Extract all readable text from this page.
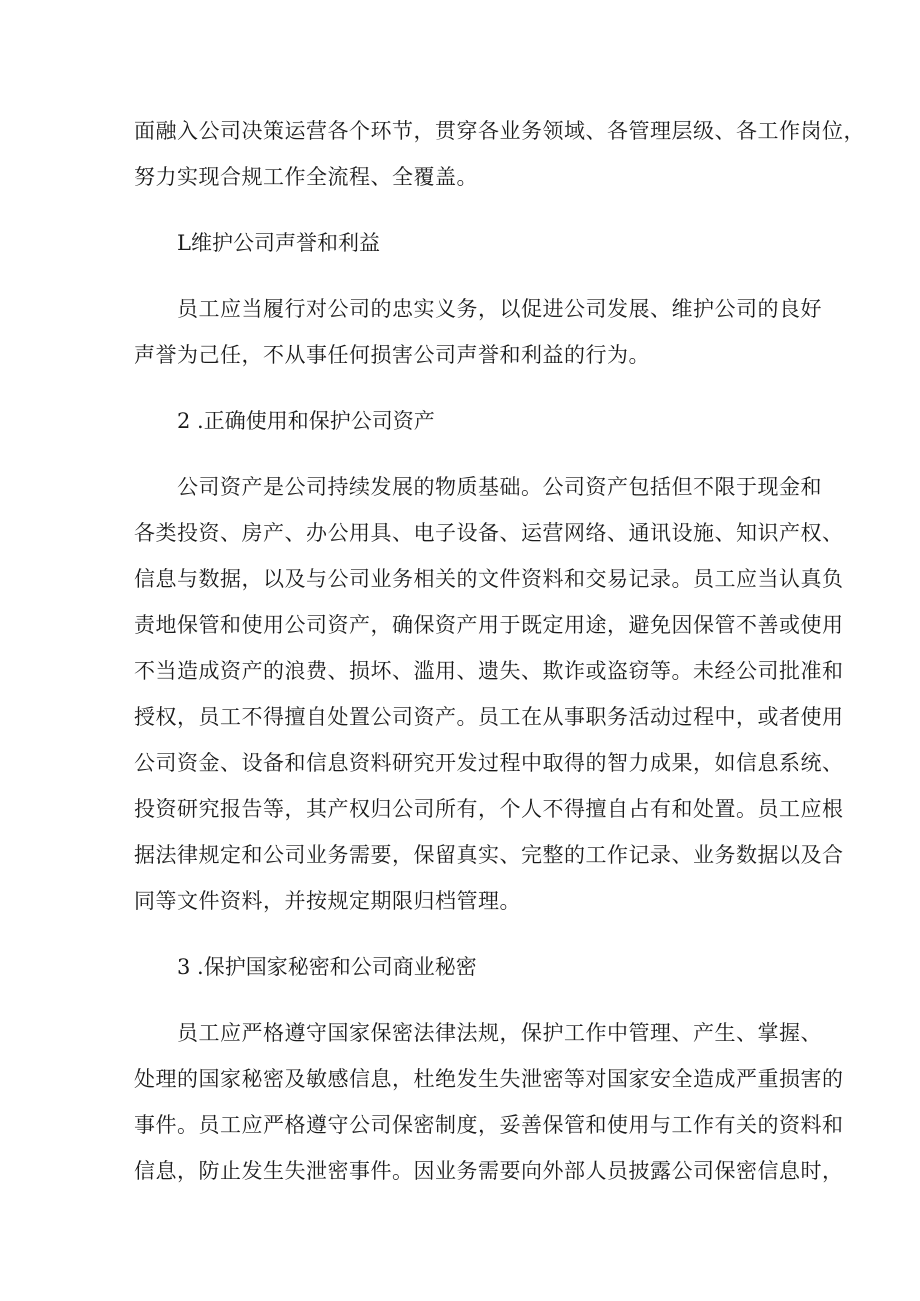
面融入公司决策运营各个环节，贯穿各业务领域、各管理层级、各工作岗位，
努力实现合规工作全流程、全覆盖。
L维护公司声誉和利益
员工应当履行对公司的忠实义务，以促进公司发展、维护公司的良好
声誉为己任，不从事任何损害公司声誉和利益的行为。
2 .正确使用和保护公司资产
公司资产是公司持续发展的物质基础。公司资产包括但不限于现金和
各类投资、房产、办公用具、电子设备、运营网络、通讯设施、知识产权、
信息与数据，以及与公司业务相关的文件资料和交易记录。员工应当认真负
责地保管和使用公司资产，确保资产用于既定用途，避免因保管不善或使用
不当造成资产的浪费、损坏、滥用、遗失、欺诈或盗窃等。未经公司批准和
授权，员工不得擅自处置公司资产。员工在从事职务活动过程中，或者使用
公司资金、设备和信息资料研究开发过程中取得的智力成果，如信息系统、
投资研究报告等，其产权归公司所有，个人不得擅自占有和处置。员工应根
据法律规定和公司业务需要，保留真实、完整的工作记录、业务数据以及合
同等文件资料，并按规定期限归档管理。
3 .保护国家秘密和公司商业秘密
员工应严格遵守国家保密法律法规，保护工作中管理、产生、掌握、
处理的国家秘密及敏感信息，杜绝发生失泄密等对国家安全造成严重损害的
事件。员工应严格遵守公司保密制度，妥善保管和使用与工作有关的资料和
信息，防止发生失泄密事件。因业务需要向外部人员披露公司保密信息时，
